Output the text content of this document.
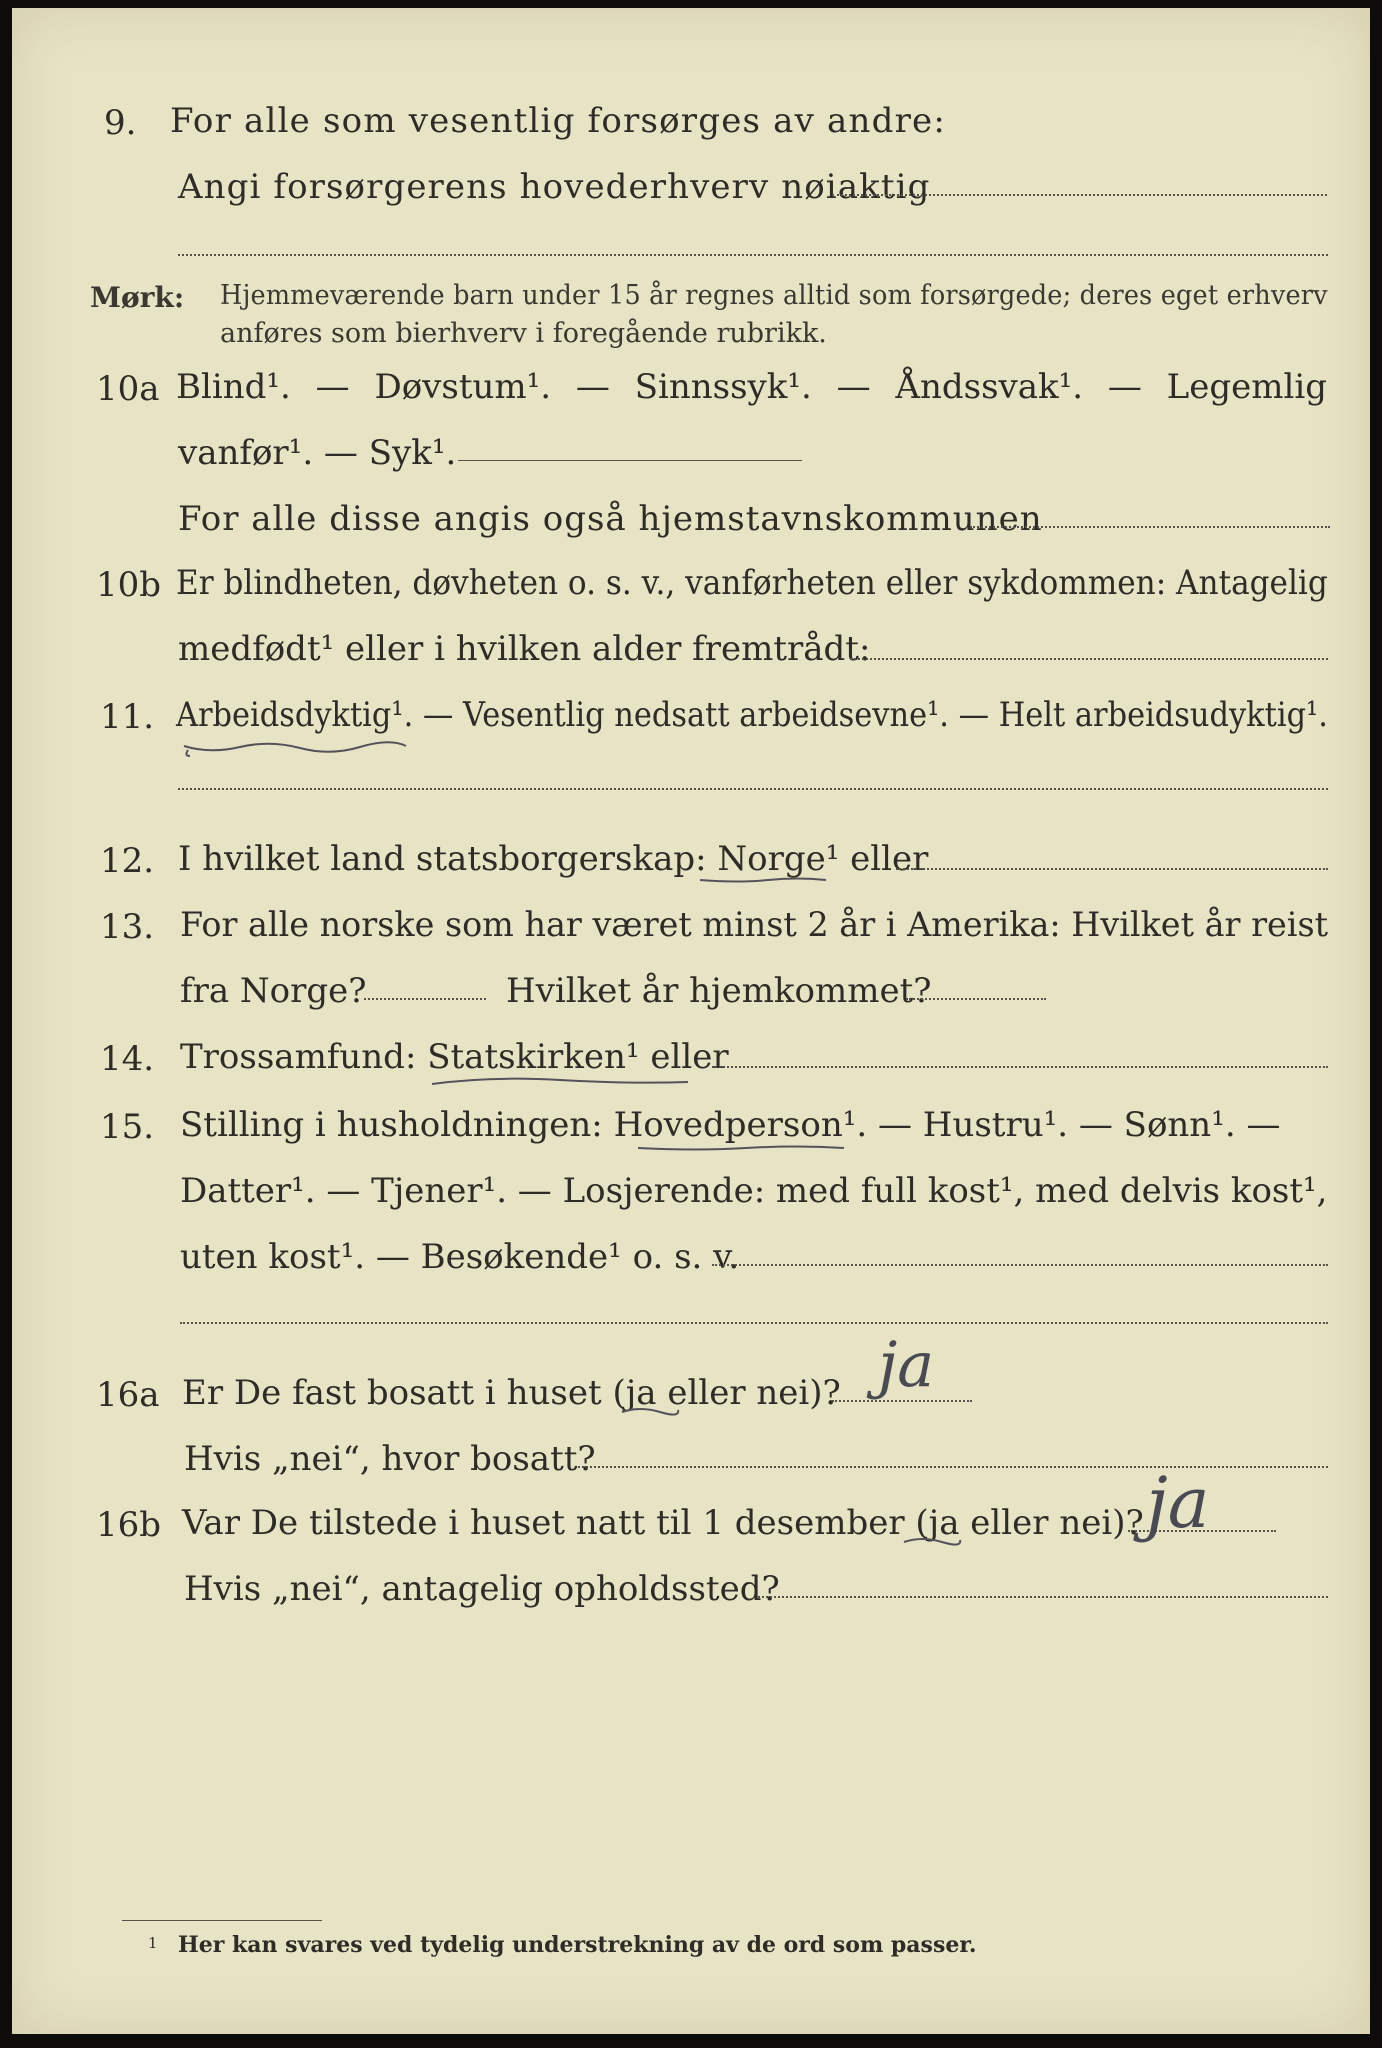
9. For alle som vesentlig forsørges av andre:
Angi forsørgerens hovederhverv nøiaktig
Mørk: Hjemmeværende barn under 15 år regnes alltid som forsørgede; deres eget erhverv
anføres som bierhverv i foregående rubrikk.
10a Blind¹. — Døvstum¹. — Sinnssyk¹. — Åndssvak¹. — Legemlig
vanfør¹. — Syk¹.
For alle disse angis også hjemstavnskommunen
10b Er blindheten, døvheten o. s. v., vanførheten eller sykdommen: Antagelig
medfødt¹ eller i hvilken alder fremtrådt:
11. Arbeidsdyktig¹. — Vesentlig nedsatt arbeidsevne¹. — Helt arbeidsudyktig¹.
12. I hvilket land statsborgerskap: Norge¹ eller
13. For alle norske som har været minst 2 år i Amerika: Hvilket år reist
fra Norge?	Hvilket år hjemkommet?
14. Trossamfund: Statskirken¹ eller
15. Stilling i husholdningen: Hovedperson¹. — Hustru¹. — Sønn¹. —
Datter¹. — Tjener¹. — Losjerende: med full kost¹, med delvis kost¹,
uten kost¹. — Besøkende¹ o. s. v.
16a Er De fast bosatt i huset (ja eller nei)? ja
Hvis „nei“, hvor bosatt?
16b Var De tilstede i huset natt til 1 desember (ja eller nei)? ja
Hvis „nei“, antagelig opholdssted?
1 Her kan svares ved tydelig understrekning av de ord som passer.
